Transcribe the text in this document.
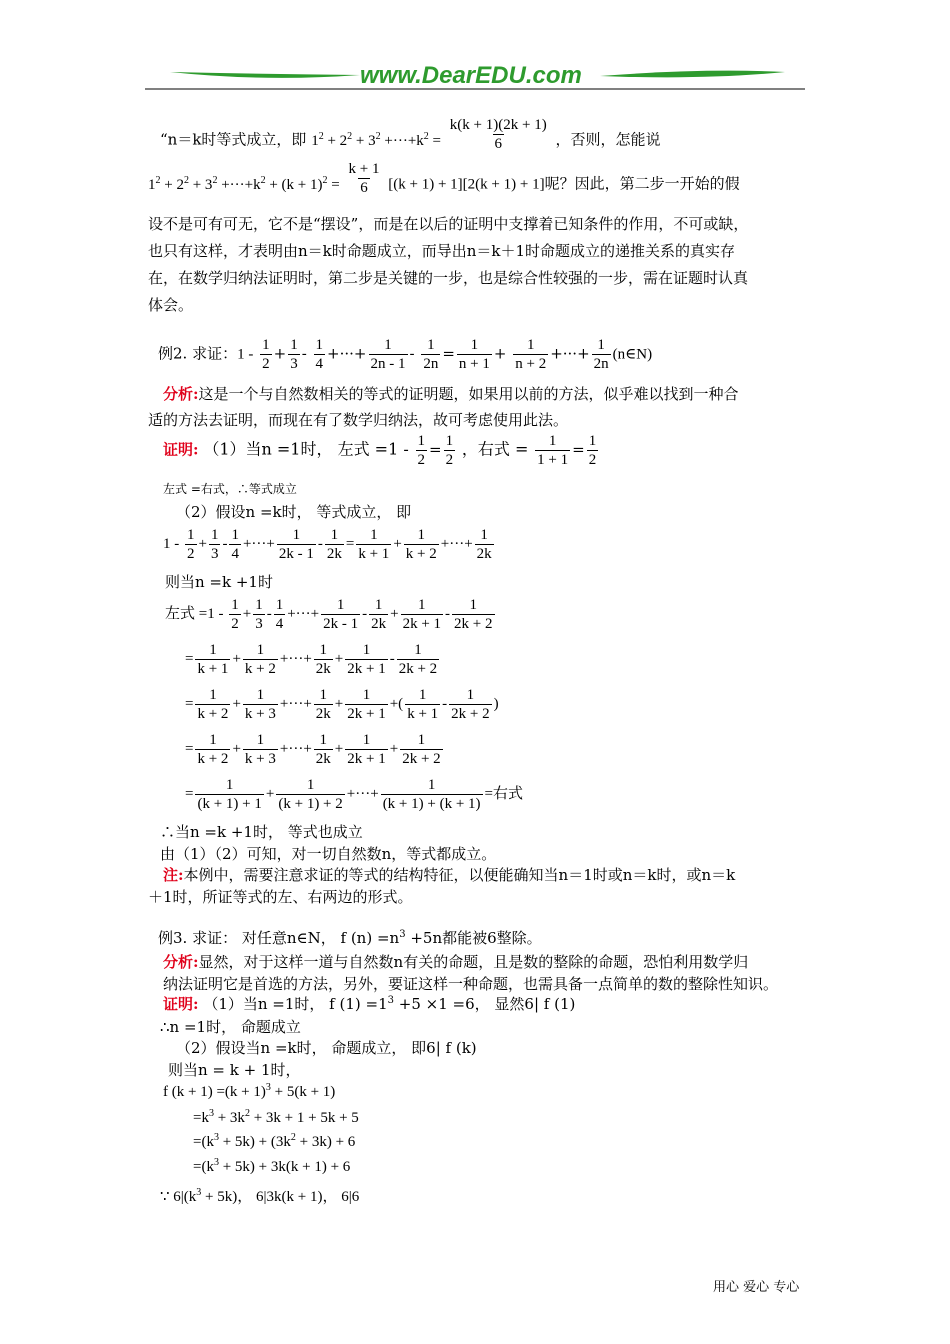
www.DearEDU.com
“n＝k时等式成立，即 $1^2 + 2^2 + 3^2 +\cdot\cdot\cdot+k^2 = \frac{k(k + 1)(2k + 1)}{6}$ ，否则，怎能说
$1^2 + 2^2 + 3^2 +\cdot\cdot\cdot+k^2 + (k + 1)^2 = \frac{k + 1}{6} [(k + 1) + 1][2(k + 1) + 1]$呢？因此，第二步一开始的假
设不是可有可无，它不是“摆设”，而是在以后的证明中支撑着已知条件的作用，不可或缺，
也只有这样，才表明由n＝k时命题成立，而导出n＝k＋1时命题成立的递推关系的真实存
在，在数学归纳法证明时，第二步是关键的一步，也是综合性较强的一步，需在证题时认真
体会。
例2. 求证：$1 - \frac{1}{2} + \frac{1}{3} - \frac{1}{4}$ +···+ $\frac{1}{2n - 1} - \frac{1}{2n} = \frac{1}{n + 1} + \frac{1}{n + 2}$ +···+ $\frac{1}{2n}$ (n∈N)
分析:这是一个与自然数相关的等式的证明题，如果用以前的方法，似乎难以找到一种合
适的方法去证明，而现在有了数学归纳法，故可考虑使用此法。
证明: （1）当n =1时， 左式 $=1 - \frac{1}{2} = \frac{1}{2}$ ，右式 = $\frac{1}{1 + 1} = \frac{1}{2}$
左式 =右式，∴等式成立
（2）假设n =k时， 等式成立， 即
$1 - \frac{1}{2} + \frac{1}{3} - \frac{1}{4}$ +···+ $\frac{1}{2k - 1} - \frac{1}{2k} = \frac{1}{k + 1} + \frac{1}{k + 2}$ +···+ $\frac{1}{2k}$
则当n =k +1时
左式 $=1 - \frac{1}{2} + \frac{1}{3} - \frac{1}{4}$ +···+ $\frac{1}{2k - 1} - \frac{1}{2k} + \frac{1}{2k + 1} - \frac{1}{2k + 2}$
= $\frac{1}{k + 1} + \frac{1}{k + 2}$ +···+ $\frac{1}{2k} + \frac{1}{2k + 1} - \frac{1}{2k + 2}$
= $\frac{1}{k + 2} + \frac{1}{k + 3}$ +···+ $\frac{1}{2k} + \frac{1}{2k + 1}$ +( $\frac{1}{k + 1} - \frac{1}{2k + 2}$ )
= $\frac{1}{k + 2} + \frac{1}{k + 3}$ +···+ $\frac{1}{2k} + \frac{1}{2k + 1} + \frac{1}{2k + 2}$
= $\frac{1}{(k + 1) + 1} + \frac{1}{(k + 1) + 2}$ +···+ $\frac{1}{(k + 1) + (k + 1)}$ =右式
∴当n =k +1时， 等式也成立
由（1）（2）可知，对一切自然数n，等式都成立。
注:本例中，需要注意求证的等式的结构特征，以便能确知当n＝1时或n＝k时，或n＝k
＋1时，所证等式的左、右两边的形式。
例3. 求证： 对任意n∈N， f $(n) =n^3 +5n$都能被6整除。
分析:显然，对于这样一道与自然数n有关的命题，且是数的整除的命题，恐怕利用数学归
纳法证明它是首选的方法，另外，要证这样一种命题，也需具备一点简单的数的整除性知识。
证明: （1）当n =1时， f $(1) =1^3 +5 \times 1 =6$， 显然6| f (1)
∴n =1时， 命题成立
（2）假设当n =k时， 命题成立， 即6| f (k)
则当n = k + 1时，
f $(k + 1) =(k + 1)^3 + 5(k + 1)$
$=k^3 + 3k^2 + 3k + 1 + 5k + 5$
$=(k^3 + 5k) + (3k^2 + 3k) + 6$
$=(k^3 + 5k) + 3k(k + 1) + 6$
∵ $6|(k^3 + 5k)$， 6|3k(k + 1)， 6|6
用心 爱心 专心
